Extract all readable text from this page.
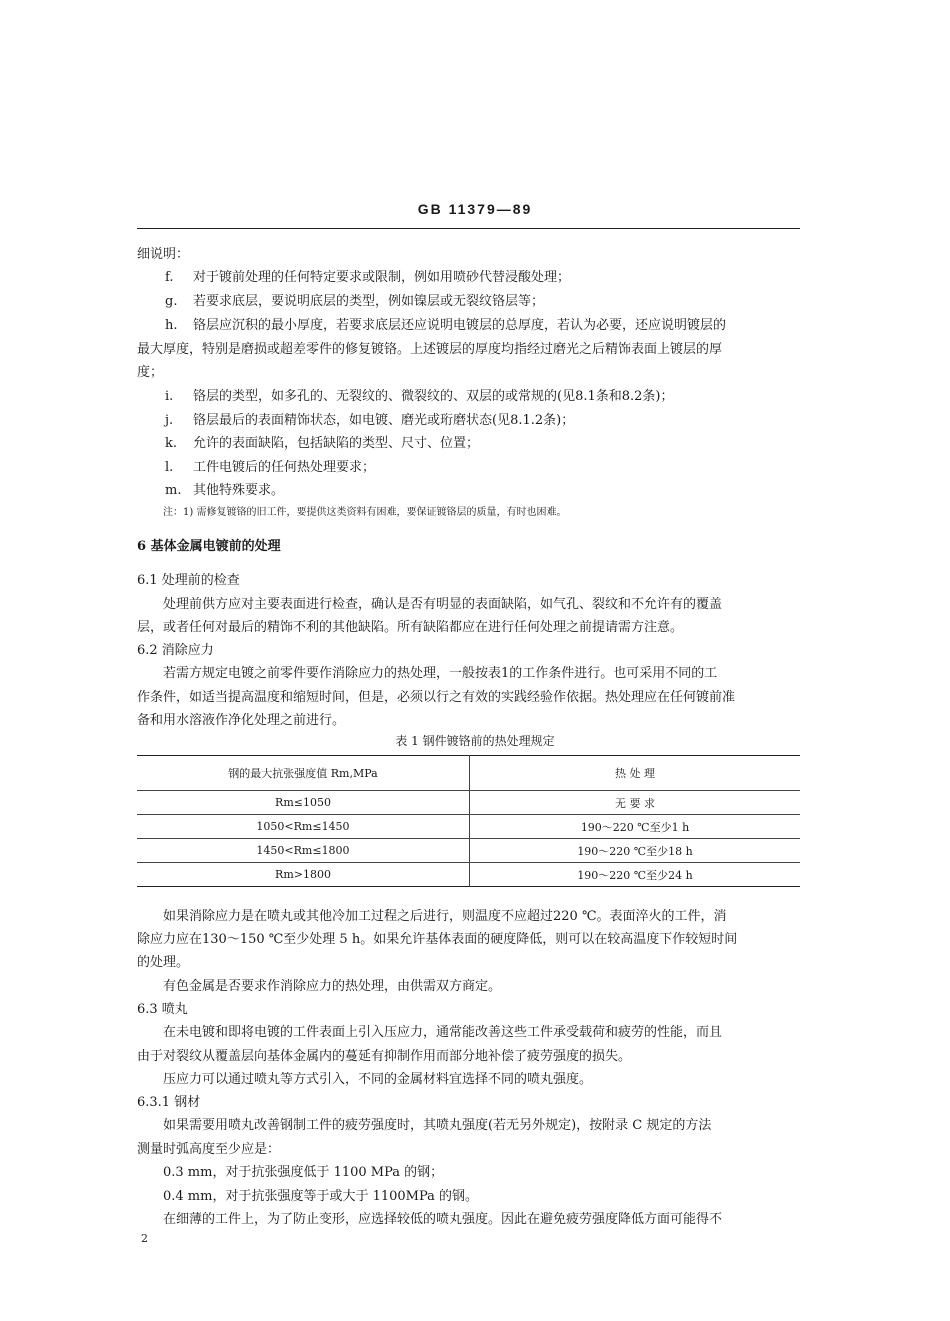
GB 11379—89
细说明：
f. 对于镀前处理的任何特定要求或限制，例如用喷砂代替浸酸处理；
g. 若要求底层，要说明底层的类型，例如镍层或无裂纹铬层等；
h. 铬层应沉积的最小厚度，若要求底层还应说明电镀层的总厚度，若认为必要，还应说明镀层的
最大厚度，特别是磨损或超差零件的修复镀铬。上述镀层的厚度均指经过磨光之后精饰表面上镀层的厚
度；
i. 铬层的类型，如多孔的、无裂纹的、微裂纹的、双层的或常规的(见8.1条和8.2条)；
j. 铬层最后的表面精饰状态，如电镀、磨光或珩磨状态(见8.1.2条)；
k. 允许的表面缺陷，包括缺陷的类型、尺寸、位置；
l. 工件电镀后的任何热处理要求；
m. 其他特殊要求。
注：1) 需修复镀铬的旧工件，要提供这类资料有困难，要保证镀铬层的质量，有时也困难。
6 基体金属电镀前的处理
6.1 处理前的检查
处理前供方应对主要表面进行检查，确认是否有明显的表面缺陷，如气孔、裂纹和不允许有的覆盖
层，或者任何对最后的精饰不利的其他缺陷。所有缺陷都应在进行任何处理之前提请需方注意。
6.2 消除应力
若需方规定电镀之前零件要作消除应力的热处理，一般按表1的工作条件进行。也可采用不同的工
作条件，如适当提高温度和缩短时间，但是，必须以行之有效的实践经验作依据。热处理应在任何镀前准
备和用水溶液作净化处理之前进行。
表 1 钢件镀铬前的热处理规定
钢的最大抗张强度值 Rm,MPa	热 处 理
Rm≤1050	无 要 求
1050<Rm≤1450	190～220 ℃至少1 h
1450<Rm≤1800	190～220 ℃至少18 h
Rm>1800	190～220 ℃至少24 h
如果消除应力是在喷丸或其他冷加工过程之后进行，则温度不应超过220 ℃。表面淬火的工件，消
除应力应在130～150 ℃至少处理 5 h。如果允许基体表面的硬度降低，则可以在较高温度下作较短时间
的处理。
有色金属是否要求作消除应力的热处理，由供需双方商定。
6.3 喷丸
在未电镀和即将电镀的工件表面上引入压应力，通常能改善这些工件承受载荷和疲劳的性能，而且
由于对裂纹从覆盖层向基体金属内的蔓延有抑制作用而部分地补偿了疲劳强度的损失。
压应力可以通过喷丸等方式引入，不同的金属材料宜选择不同的喷丸强度。
6.3.1 钢材
如果需要用喷丸改善钢制工件的疲劳强度时，其喷丸强度(若无另外规定)，按附录 C 规定的方法
测量时弧高度至少应是：
0.3 mm，对于抗张强度低于 1100 MPa 的钢；
0.4 mm，对于抗张强度等于或大于 1100MPa 的钢。
在细薄的工件上，为了防止变形，应选择较低的喷丸强度。因此在避免疲劳强度降低方面可能得不
2
